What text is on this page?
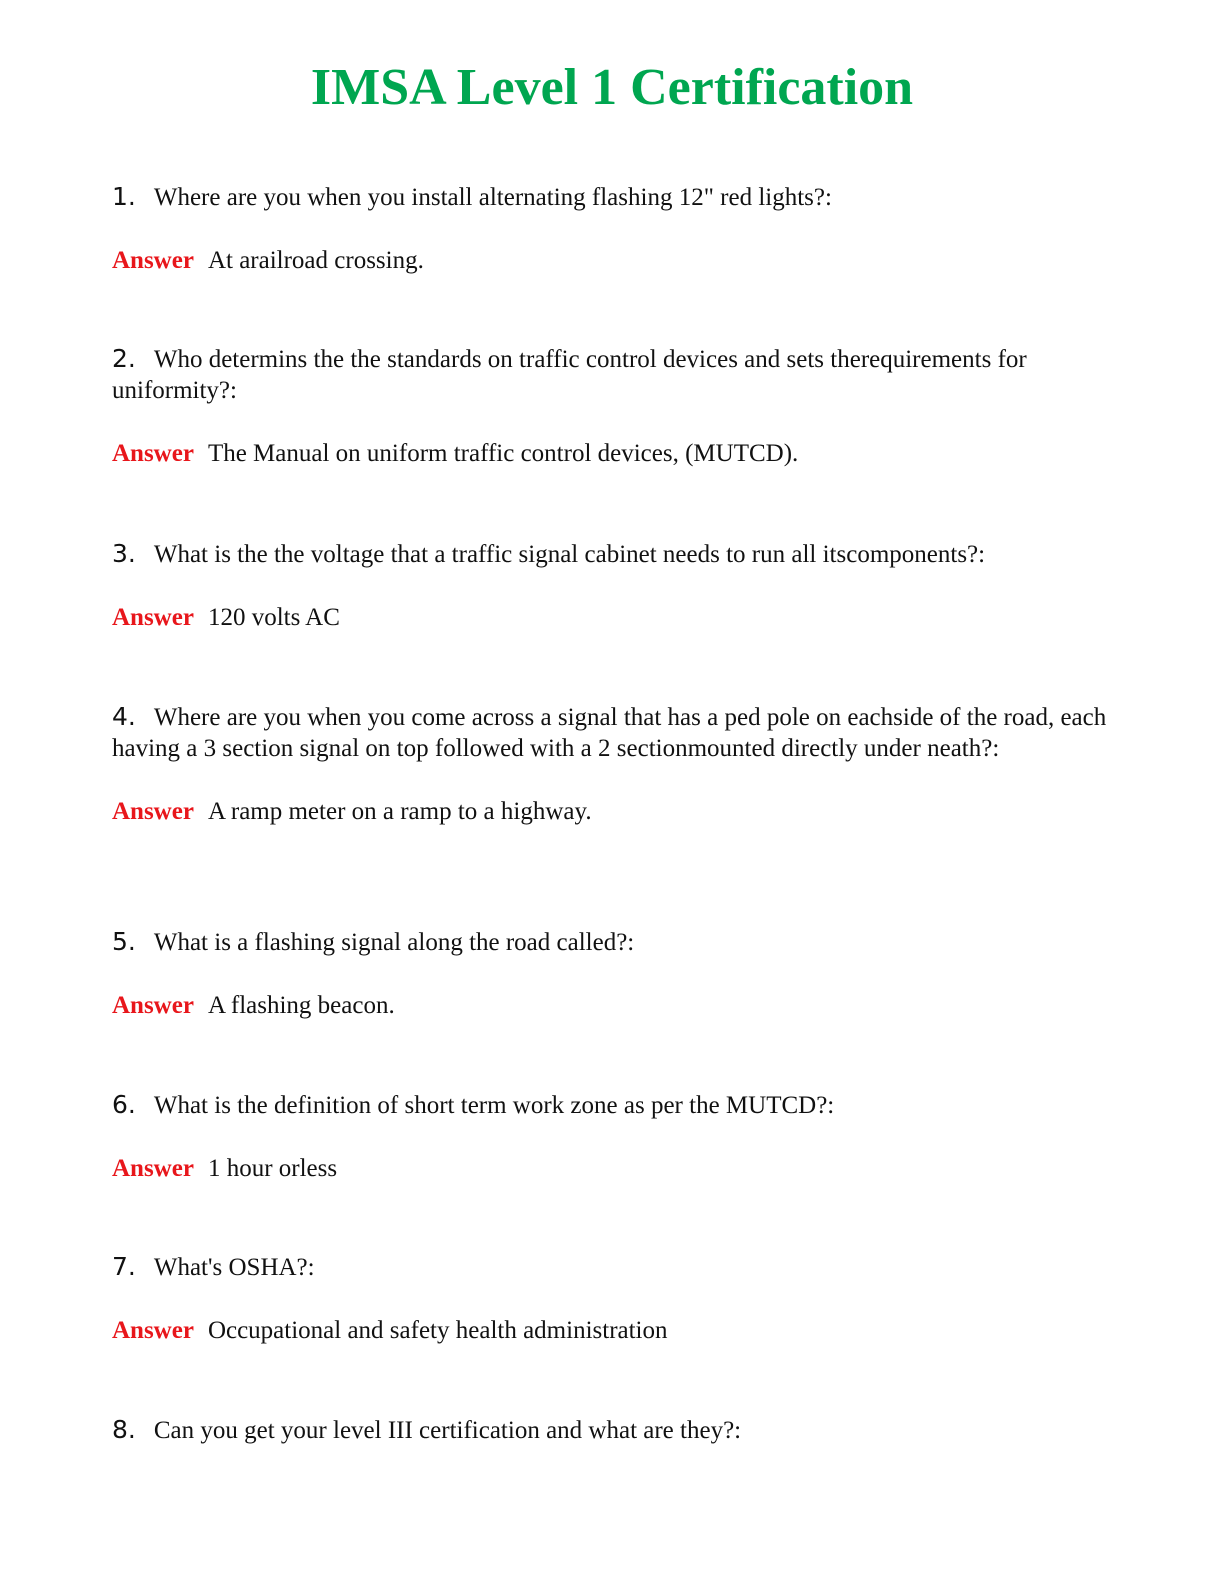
IMSA Level 1 Certification

1. Where are you when you install alternating flashing 12" red lights?:

Answer At arailroad crossing.

2. Who determins the the standards on traffic control devices and sets therequirements for uniformity?:

Answer The Manual on uniform traffic control devices, (MUTCD).

3. What is the the voltage that a traffic signal cabinet needs to run all itscomponents?:

Answer 120 volts AC

4. Where are you when you come across a signal that has a ped pole on eachside of the road, each having a 3 section signal on top followed with a 2 sectionmounted directly under neath?:

Answer A ramp meter on a ramp to a highway.

5. What is a flashing signal along the road called?:

Answer A flashing beacon.

6. What is the definition of short term work zone as per the MUTCD?:

Answer 1 hour orless

7. What's OSHA?:

Answer Occupational and safety health administration

8. Can you get your level III certification and what are they?:
